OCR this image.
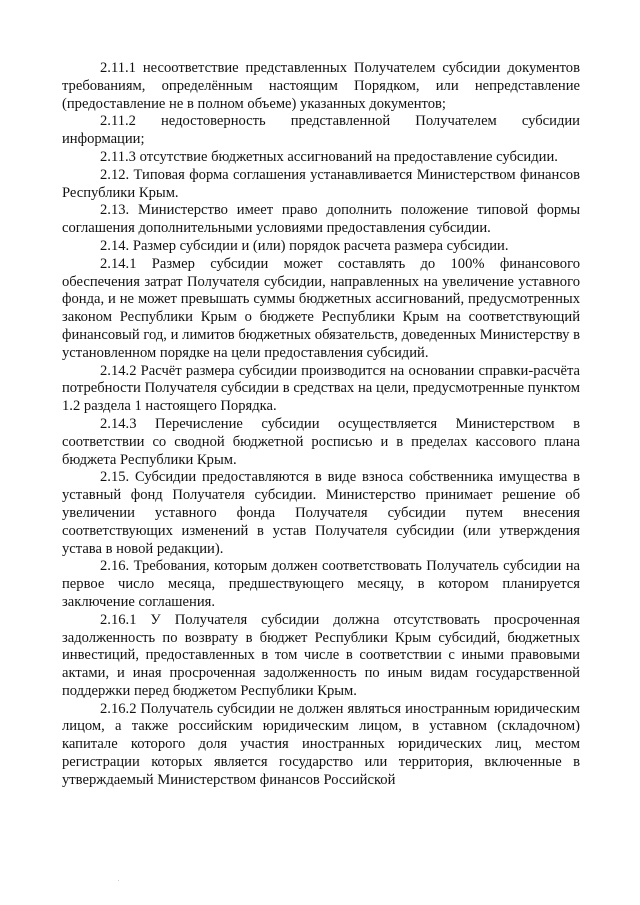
2.11.1 несоответствие представленных Получателем субсидии документов требованиям, определённым настоящим Порядком, или непредставление (предоставление не в полном объеме) указанных документов;

2.11.2 недостоверность представленной Получателем субсидии информации;

2.11.3 отсутствие бюджетных ассигнований на предоставление субсидии.

2.12. Типовая форма соглашения устанавливается Министерством финансов Республики Крым.

2.13. Министерство имеет право дополнить положение типовой формы соглашения дополнительными условиями предоставления субсидии.

2.14. Размер субсидии и (или) порядок расчета размера субсидии.

2.14.1 Размер субсидии может составлять до 100% финансового обеспечения затрат Получателя субсидии, направленных на увеличение уставного фонда, и не может превышать суммы бюджетных ассигнований, предусмотренных законом Республики Крым о бюджете Республики Крым на соответствующий финансовый год, и лимитов бюджетных обязательств, доведенных Министерству в установленном порядке на цели предоставления субсидий.

2.14.2 Расчёт размера субсидии производится на основании справки-расчёта потребности Получателя субсидии в средствах на цели, предусмотренные пунктом 1.2 раздела 1 настоящего Порядка.

2.14.3 Перечисление субсидии осуществляется Министерством в соответствии со сводной бюджетной росписью и в пределах кассового плана бюджета Республики Крым.

2.15. Субсидии предоставляются в виде взноса собственника имущества в уставный фонд Получателя субсидии. Министерство принимает решение об увеличении уставного фонда Получателя субсидии путем внесения соответствующих изменений в устав Получателя субсидии (или утверждения устава в новой редакции).

2.16. Требования, которым должен соответствовать Получатель субсидии на первое число месяца, предшествующего месяцу, в котором планируется заключение соглашения.

2.16.1 У Получателя субсидии должна отсутствовать просроченная задолженность по возврату в бюджет Республики Крым субсидий, бюджетных инвестиций, предоставленных в том числе в соответствии с иными правовыми актами, и иная просроченная задолженность по иным видам государственной поддержки перед бюджетом Республики Крым.

2.16.2 Получатель субсидии не должен являться иностранным юридическим лицом, а также российским юридическим лицом, в уставном (складочном) капитале которого доля участия иностранных юридических лиц, местом регистрации которых является государство или территория, включенные в утверждаемый Министерством финансов Российской
